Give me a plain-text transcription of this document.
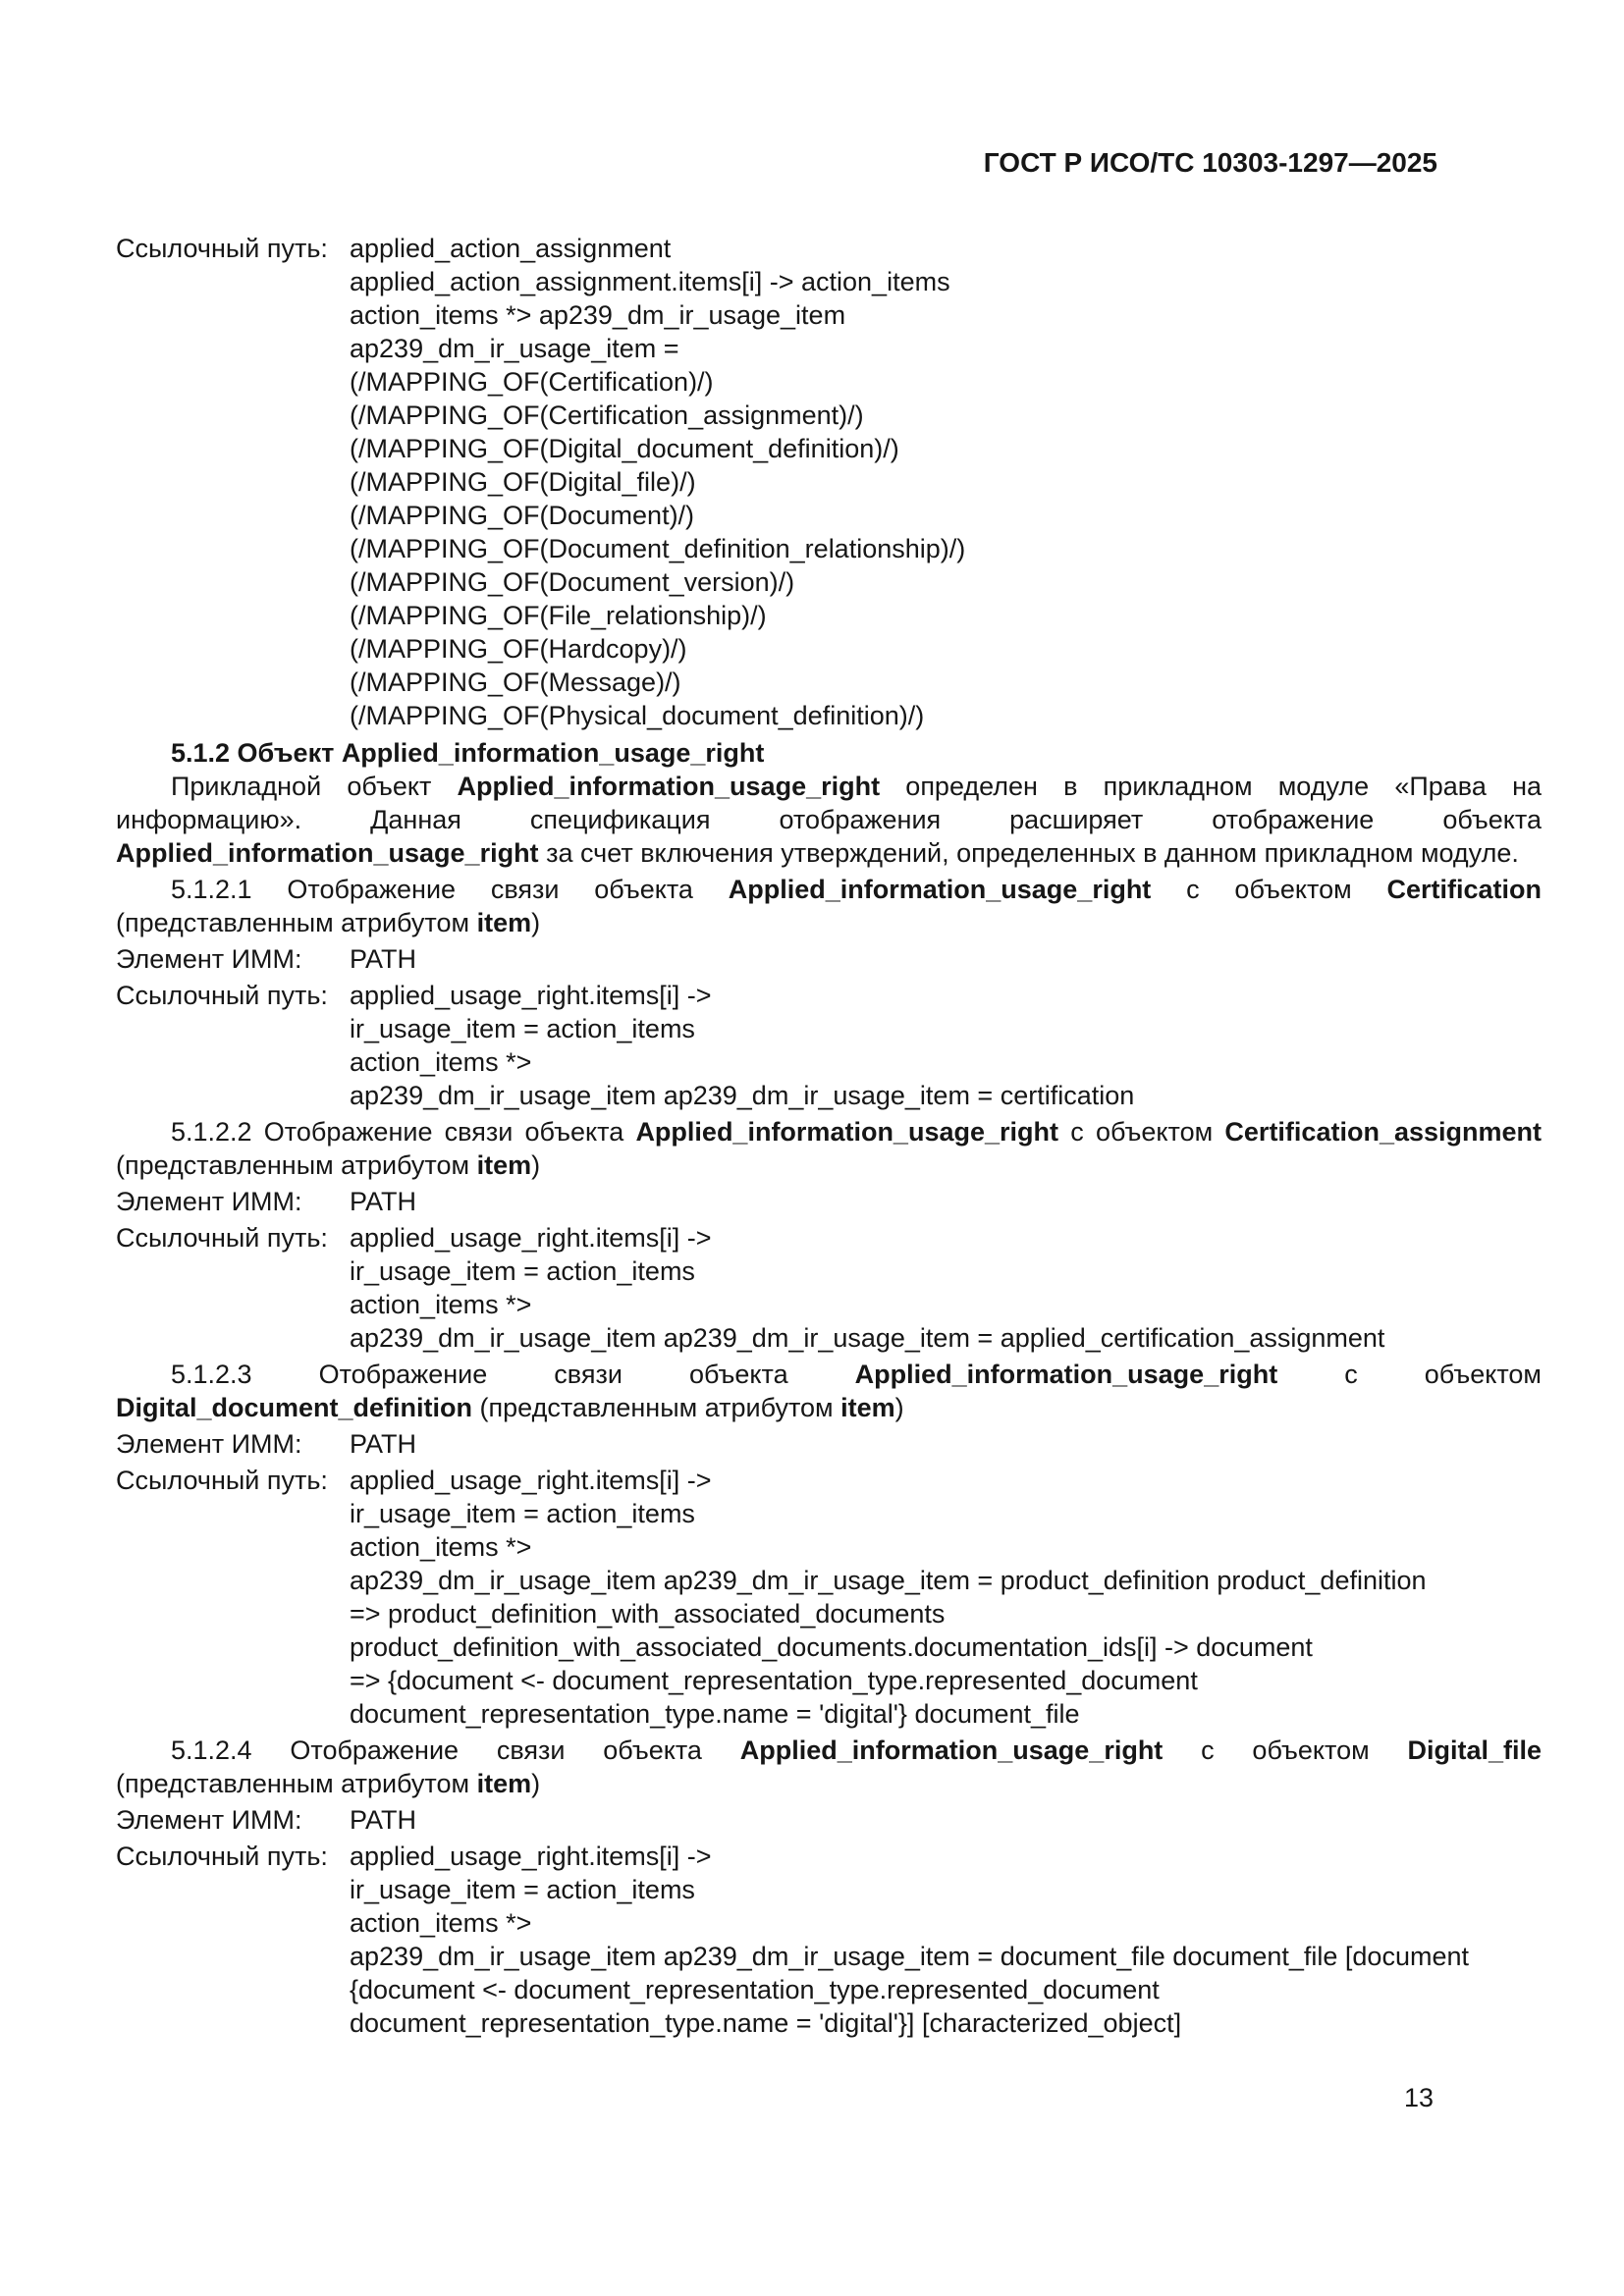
ГОСТ Р ИСО/ТС 10303-1297—2025
Ссылочный путь: applied_action_assignment
applied_action_assignment.items[i] -> action_items
action_items *> ap239_dm_ir_usage_item
ap239_dm_ir_usage_item =
(/MAPPING_OF(Certification)/)
(/MAPPING_OF(Certification_assignment)/)
(/MAPPING_OF(Digital_document_definition)/)
(/MAPPING_OF(Digital_file)/)
(/MAPPING_OF(Document)/)
(/MAPPING_OF(Document_definition_relationship)/)
(/MAPPING_OF(Document_version)/)
(/MAPPING_OF(File_relationship)/)
(/MAPPING_OF(Hardcopy)/)
(/MAPPING_OF(Message)/)
(/MAPPING_OF(Physical_document_definition)/)
5.1.2 Объект Applied_information_usage_right

Прикладной объект Applied_information_usage_right определен в прикладном модуле «Права на информацию». Данная спецификация отображения расширяет отображение объекта Applied_information_usage_right за счет включения утверждений, определенных в данном прикладном модуле.

5.1.2.1 Отображение связи объекта Applied_information_usage_right с объектом Certification (представленным атрибутом item)

Элемент ИММ:	PATH
Ссылочный путь: applied_usage_right.items[i] ->
ir_usage_item = action_items
action_items *>
ap239_dm_ir_usage_item ap239_dm_ir_usage_item = certification

5.1.2.2 Отображение связи объекта Applied_information_usage_right с объектом Certification_assignment (представленным атрибутом item)

Элемент ИММ:	PATH
Ссылочный путь: applied_usage_right.items[i] ->
ir_usage_item = action_items
action_items *>
ap239_dm_ir_usage_item ap239_dm_ir_usage_item = applied_certification_assignment

5.1.2.3 Отображение связи объекта Applied_information_usage_right с объектом Digital_document_definition (представленным атрибутом item)

Элемент ИММ:	PATH
Ссылочный путь: applied_usage_right.items[i] ->
ir_usage_item = action_items
action_items *>
ap239_dm_ir_usage_item ap239_dm_ir_usage_item = product_definition product_definition
=> product_definition_with_associated_documents
product_definition_with_associated_documents.documentation_ids[i] -> document
=> {document <- document_representation_type.represented_document
document_representation_type.name = 'digital'} document_file

5.1.2.4 Отображение связи объекта Applied_information_usage_right с объектом Digital_file (представленным атрибутом item)

Элемент ИММ:	PATH
Ссылочный путь: applied_usage_right.items[i] ->
ir_usage_item = action_items
action_items *>
ap239_dm_ir_usage_item ap239_dm_ir_usage_item = document_file document_file [document
{document <- document_representation_type.represented_document
document_representation_type.name = 'digital'}] [characterized_object]
13
